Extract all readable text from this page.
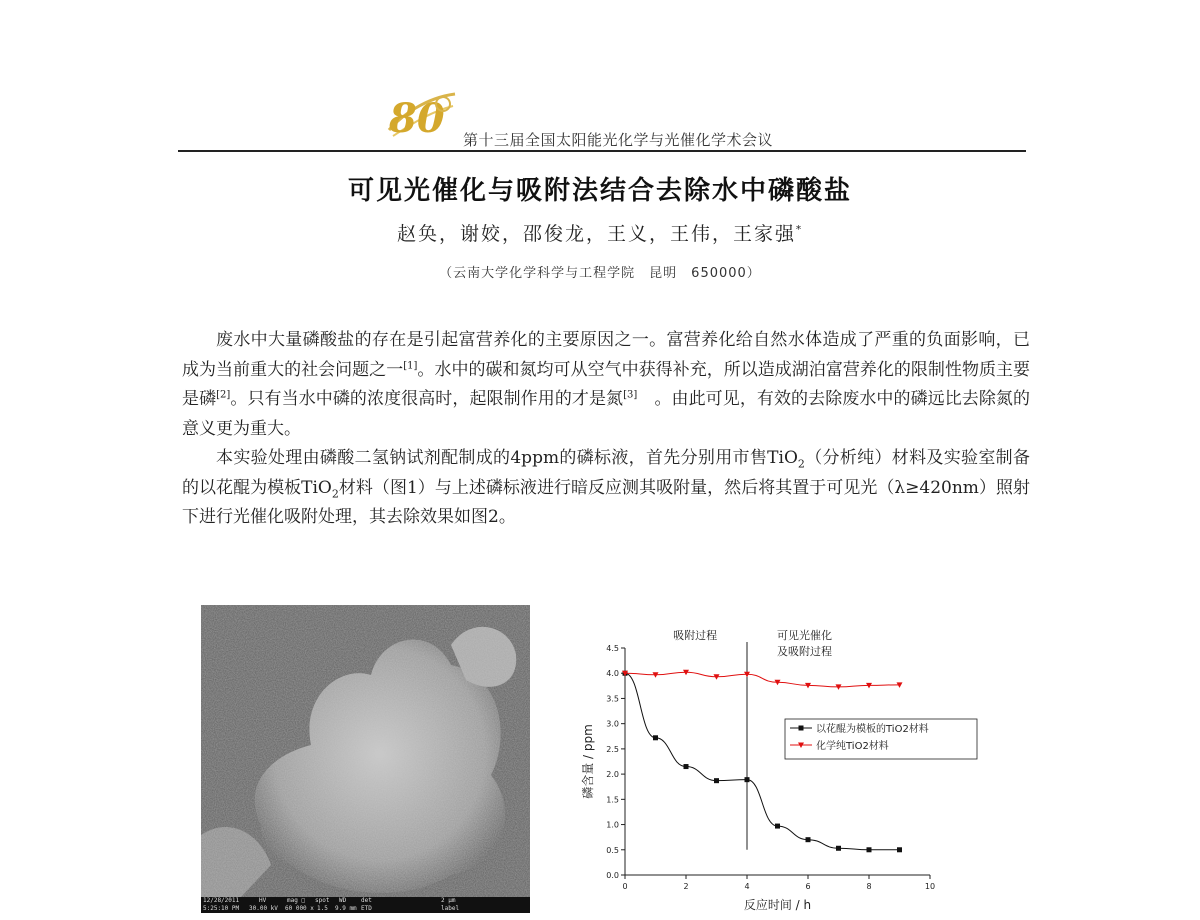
80 第十三届全国太阳能光化学与光催化学术会议
可见光催化与吸附法结合去除水中磷酸盐
赵奂，谢姣，邵俊龙，王义，王伟，王家强*
（云南大学化学科学与工程学院　昆明　650000）

废水中大量磷酸盐的存在是引起富营养化的主要原因之一。富营养化给自然水体造成了严重的负面影响，已成为当前重大的社会问题之一[1]。水中的碳和氮均可从空气中获得补充，所以造成湖泊富营养化的限制性物质主要是磷[2]。只有当水中磷的浓度很高时，起限制作用的才是氮[3]　。由此可见，有效的去除废水中的磷远比去除氮的意义更为重大。

本实验处理由磷酸二氢钠试剂配制成的4ppm的磷标液，首先分别用市售TiO$_2$（分析纯）材料及实验室制备的以花醌为模板TiO$_2$材料（图1）与上述磷标液进行暗反应测其吸附量，然后将其置于可见光（λ≥420nm）照射下进行光催化吸附处理，其去除效果如图2。

12/28/2011	HV	mag □ spot WD det	2 μm
5:25:10 PM 30.00 kV 60 000 x 1.5 9.9 mm ETD	label
0.0
0.5
1.0
1.5
2.0
2.5
3.0
3.5
4.0
4.5
0	2	4	6	8	10
反应时间 / h
磷含量 / ppm
吸附过程	可见光催化
及吸附过程
以花醌为模板的TiO2材料
化学纯TiO2材料
